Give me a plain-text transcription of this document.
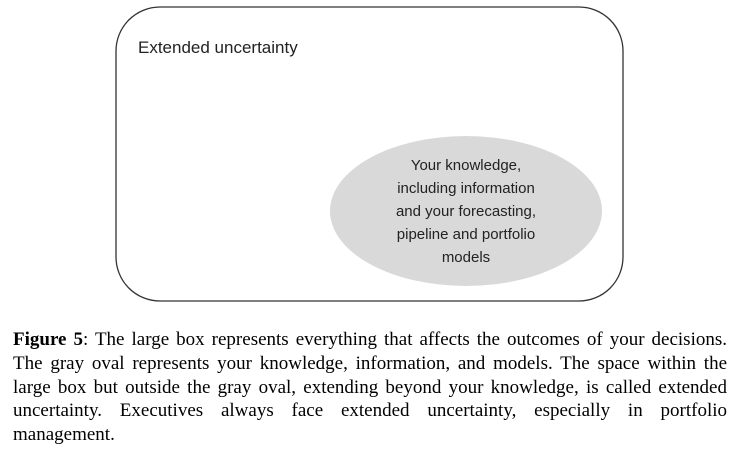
Extended uncertainty
Your knowledge,
including information
and your forecasting,
pipeline and portfolio
models

Figure 5: The large box represents everything that affects the outcomes of your decisions. The gray oval represents your knowledge, information, and models. The space within the large box but outside the gray oval, extending beyond your knowledge, is called extended uncertainty. Executives always face extended uncertainty, especially in portfolio management.
